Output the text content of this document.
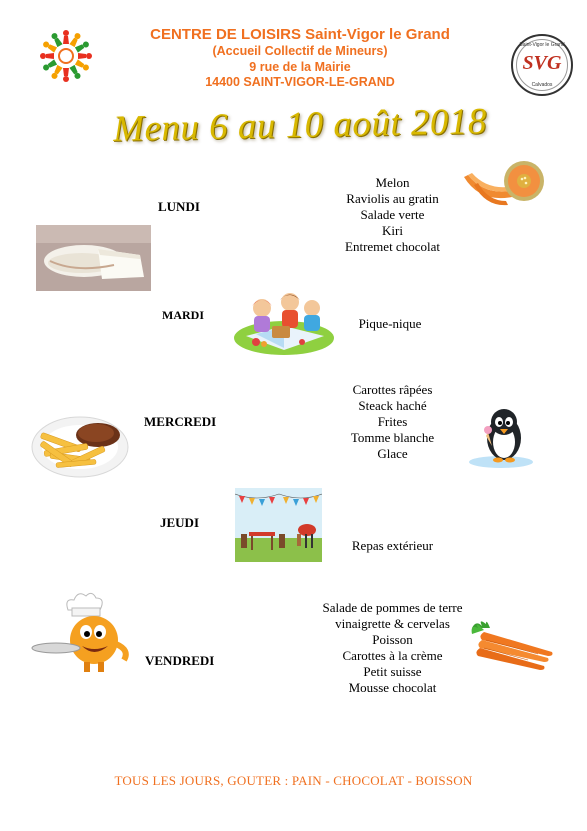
CENTRE DE LOISIRS Saint-Vigor le Grand
(Accueil Collectif de Mineurs)
9 rue de la Mairie
14400 SAINT-VIGOR-LE-GRAND
Saint-Vigor le Grand
SVG
Calvados
Menu 6 au 10 août 2018
LUNDI
Melon
Raviolis au gratin
Salade verte
Kiri
Entremet chocolat
MARDI
Pique-nique
MERCREDI
Carottes râpées
Steack haché
Frites
Tomme blanche
Glace
JEUDI
Repas extérieur
VENDREDI
Salade de pommes de terre
vinaigrette & cervelas
Poisson
Carottes à la crème
Petit suisse
Mousse chocolat
TOUS LES JOURS, GOUTER : PAIN - CHOCOLAT - BOISSON
